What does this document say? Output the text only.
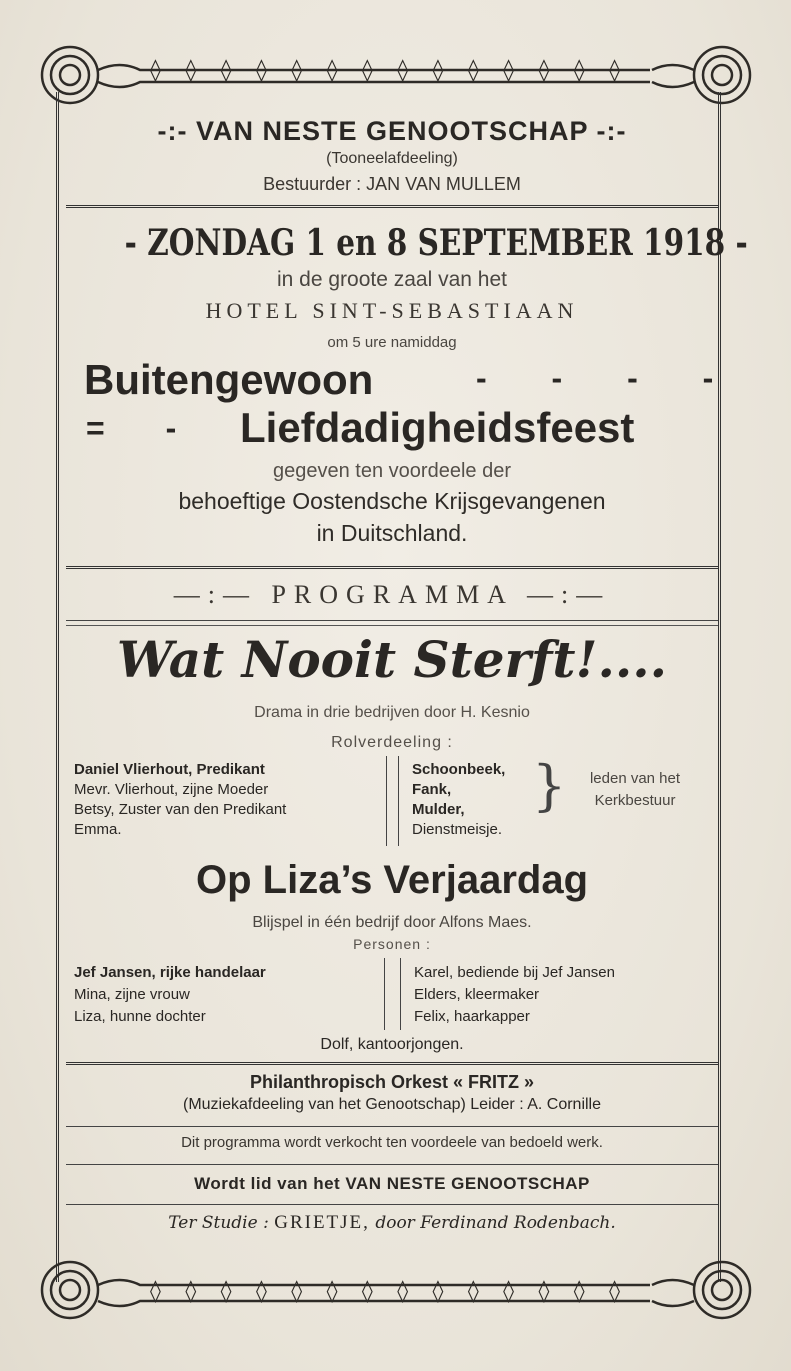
◊ ◊ ◊ ◊ ◊ ◊ ◊ ◊ ◊ ◊ ◊ ◊ ◊ ◊
-:- VAN NESTE GENOOTSCHAP -:-
(Tooneelafdeeling)
Bestuurder : JAN VAN MULLEM
- ZONDAG 1 en 8 SEPTEMBER 1918 -
in de groote zaal van het
HOTEL SINT-SEBASTIAAN
om 5 ure namiddag
Buitengewoon	- - - -
= - Liefdadigheidsfeest
gegeven ten voordeele der
behoeftige Oostendsche Krijsgevangenen
in Duitschland.
—:— PROGRAMMA —:—
Wat Nooit Sterft!....
Drama in drie bedrijven door H. Kesnio
Rolverdeeling :
Daniel Vlierhout, Predikant
Mevr. Vlierhout, zijne Moeder
Betsy, Zuster van den Predikant
Emma.
Schoonbeek,
Fank,
Mulder,
Dienstmeisje.
}	leden van het Kerkbestuur
Op Liza’s Verjaardag
Blijspel in één bedrijf door Alfons Maes.
Personen :
Jef Jansen, rijke handelaar
Mina, zijne vrouw
Liza, hunne dochter
Karel, bediende bij Jef Jansen
Elders, kleermaker
Felix, haarkapper
Dolf, kantoorjongen.
Philanthropisch Orkest « FRITZ »
(Muziekafdeeling van het Genootschap) Leider : A. Cornille
Dit programma wordt verkocht ten voordeele van bedoeld werk.
Wordt lid van het VAN NESTE GENOOTSCHAP
Ter Studie : GRIETJE, door Ferdinand Rodenbach.
◊ ◊ ◊ ◊ ◊ ◊ ◊ ◊ ◊ ◊ ◊ ◊ ◊ ◊
